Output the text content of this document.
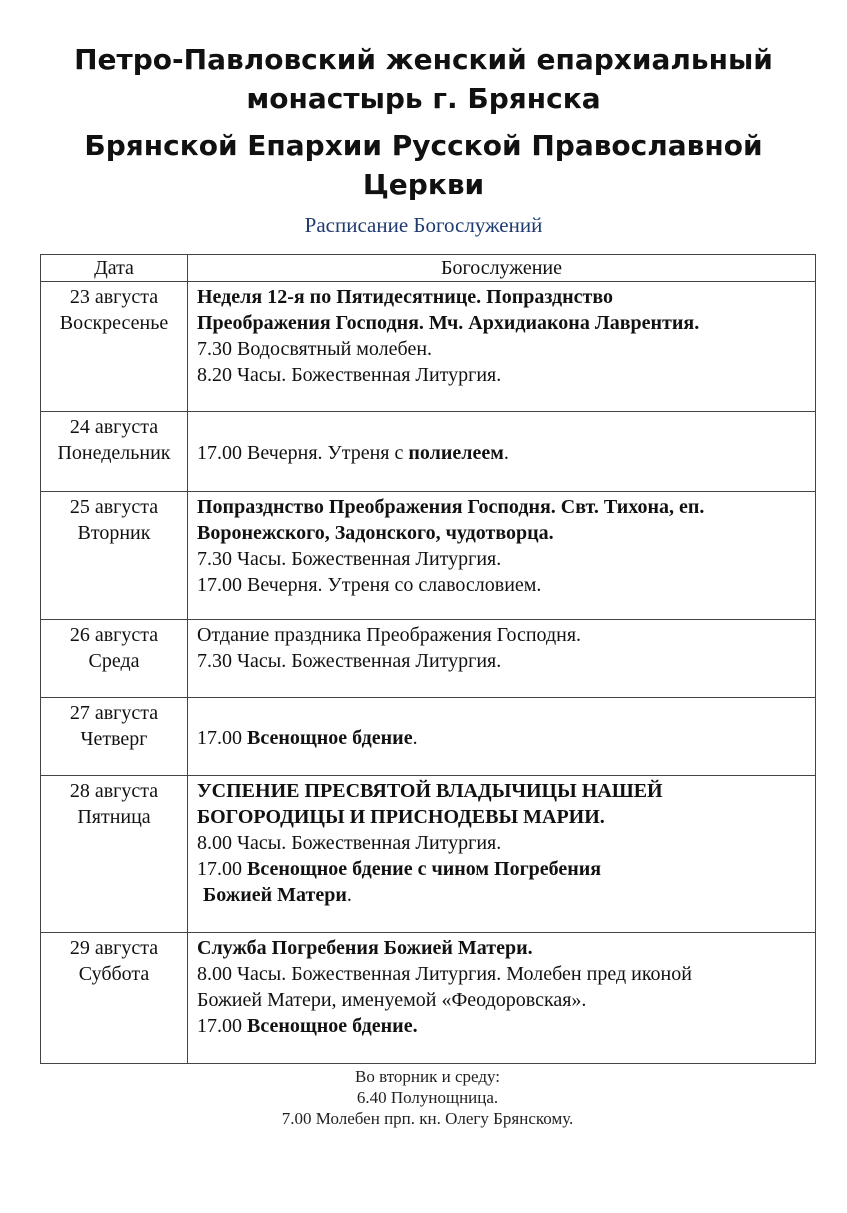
Петро-Павловский женский епархиальный
монастырь г. Брянска
Брянской Епархии Русской Православной
Церкви
Расписание Богослужений
Дата	Богослужение

23 августа
Воскресенье	Неделя 12-я по Пятидесятнице. Попразднство
Преображения Господня. Мч. Архидиакона Лаврентия.
7.30 Водосвятный молебен.
8.20 Часы. Божественная Литургия.

24 августа
Понедельник	17.00 Вечерня. Утреня с полиелеем.

25 августа
Вторник	Попразднство Преображения Господня. Свт. Тихона, еп.
Воронежского, Задонского, чудотворца.
7.30 Часы. Божественная Литургия.
17.00 Вечерня. Утреня со славословием.

26 августа
Среда	Отдание праздника Преображения Господня.
7.30 Часы. Божественная Литургия.

27 августа
Четверг	17.00 Всенощное бдение.

28 августа
Пятница	УСПЕНИЕ ПРЕСВЯТОЙ ВЛАДЫЧИЦЫ НАШЕЙ
БОГОРОДИЦЫ И ПРИСНОДЕВЫ МАРИИ.
8.00 Часы. Божественная Литургия.
17.00 Всенощное бдение с чином Погребения
Божией Матери.

29 августа
Суббота	Служба Погребения Божией Матери.
8.00 Часы. Божественная Литургия. Молебен пред иконой
Божией Матери, именуемой «Феодоровская».
17.00 Всенощное бдение.
Во вторник и среду:
6.40 Полунощница.
7.00 Молебен прп. кн. Олегу Брянскому.
